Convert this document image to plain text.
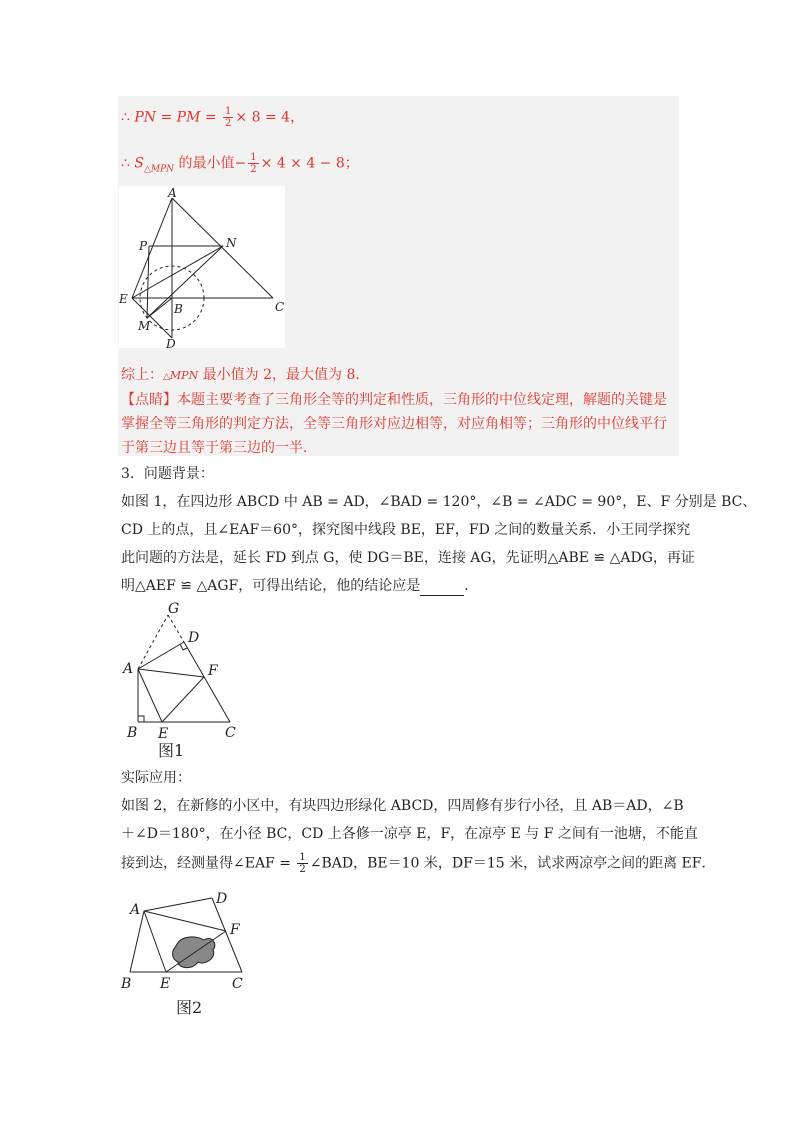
∴ PN = PM = $\frac{1}{2} \times 8 = 4$，
∴ $S_{\triangle MPN}$ 的最小值− $\frac{1}{2} \times 4 \times 4 - 8$；
A
P	N
E
B	C
M
D
综上：△MPN 最小值为 2，最大值为 8．
【点睛】本题主要考查了三角形全等的判定和性质，三角形的中位线定理，解题的关键是
掌握全等三角形的判定方法，全等三角形对应边相等，对应角相等；三角形的中位线平行
于第三边且等于第三边的一半．
3．问题背景：
如图 1，在四边形 ABCD 中 AB = AD，∠BAD = 120°，∠B = ∠ADC = 90°，E、F 分别是 BC、
CD 上的点，且∠EAF＝60°，探究图中线段 BE，EF，FD 之间的数量关系．小王同学探究
此问题的方法是，延长 FD 到点 G，使 DG＝BE，连接 AG，先证明△ABE ≌ △ADG，再证
明△AEF ≌ △AGF，可得出结论，他的结论应是	．
G
D
A	F
B E	C
图1
实际应用：
如图 2，在新修的小区中，有块四边形绿化 ABCD，四周修有步行小径，且 AB＝AD，∠B
＋∠D＝180°，在小径 BC，CD 上各修一凉亭 E，F，在凉亭 E 与 F 之间有一池塘，不能直
接到达，经测量得∠EAF = $\frac{1}{2}$ ∠BAD，BE＝10 米，DF＝15 米，试求两凉亭之间的距离 EF．
A
D
F
B E	C
图2
